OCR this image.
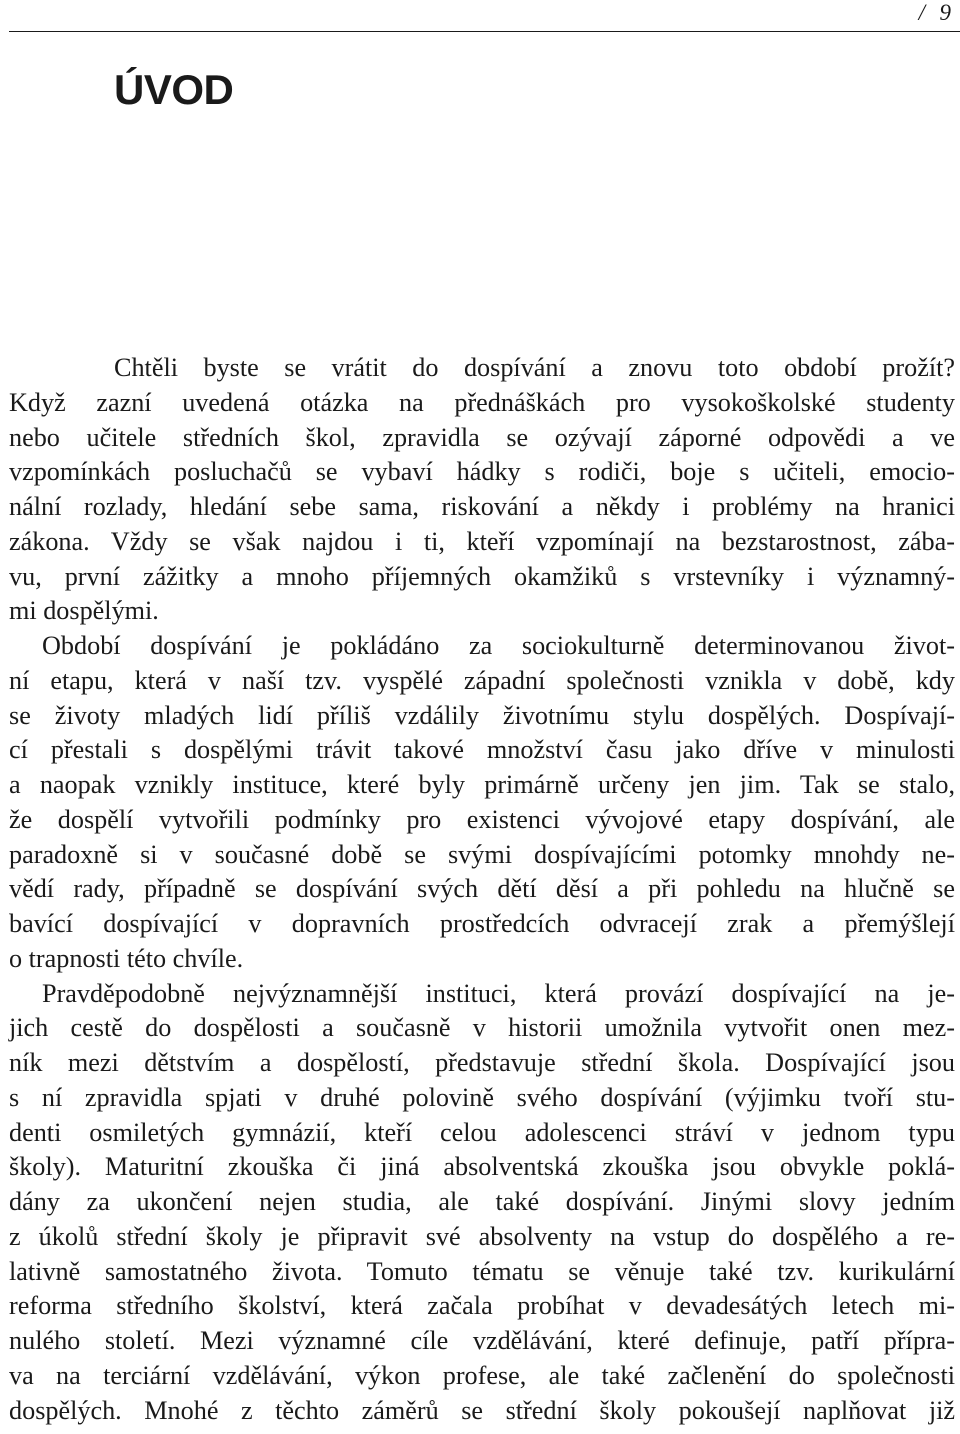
/  9
ÚVOD
Chtěli byste se vrátit do dospívání a znovu toto období prožít?
Když zazní uvedená otázka na přednáškách pro vysokoškolské studenty
nebo učitele středních škol, zpravidla se ozývají záporné odpovědi a ve
vzpomínkách posluchačů se vybaví hádky s rodiči, boje s učiteli, emocio-
nální rozlady, hledání sebe sama, riskování a někdy i problémy na hranici
zákona. Vždy se však najdou i ti, kteří vzpomínají na bezstarostnost, zába-
vu, první zážitky a mnoho příjemných okamžiků s vrstevníky i významný-
mi dospělými.
Období dospívání je pokládáno za sociokulturně determinovanou život-
ní etapu, která v naší tzv. vyspělé západní společnosti vznikla v době, kdy
se životy mladých lidí příliš vzdálily životnímu stylu dospělých. Dospívají-
cí přestali s dospělými trávit takové množství času jako dříve v minulosti
a naopak vznikly instituce, které byly primárně určeny jen jim. Tak se stalo,
že dospělí vytvořili podmínky pro existenci vývojové etapy dospívání, ale
paradoxně si v současné době se svými dospívajícími potomky mnohdy ne-
vědí rady, případně se dospívání svých dětí děsí a při pohledu na hlučně se
bavící dospívající v dopravních prostředcích odvracejí zrak a přemýšlejí
o trapnosti této chvíle.
Pravděpodobně nejvýznamnější instituci, která provází dospívající na je-
jich cestě do dospělosti a současně v historii umožnila vytvořit onen mez-
ník mezi dětstvím a dospělostí, představuje střední škola. Dospívající jsou
s ní zpravidla spjati v druhé polovině svého dospívání (výjimku tvoří stu-
denti osmiletých gymnázií, kteří celou adolescenci stráví v jednom typu
školy). Maturitní zkouška či jiná absolventská zkouška jsou obvykle poklá-
dány za ukončení nejen studia, ale také dospívání. Jinými slovy jedním
z úkolů střední školy je připravit své absolventy na vstup do dospělého a re-
lativně samostatného života. Tomuto tématu se věnuje také tzv. kurikulární
reforma středního školství, která začala probíhat v devadesátých letech mi-
nulého století. Mezi významné cíle vzdělávání, které definuje, patří přípra-
va na terciární vzdělávání, výkon profese, ale také začlenění do společnosti
dospělých. Mnohé z těchto záměrů se střední školy pokoušejí naplňovat již
